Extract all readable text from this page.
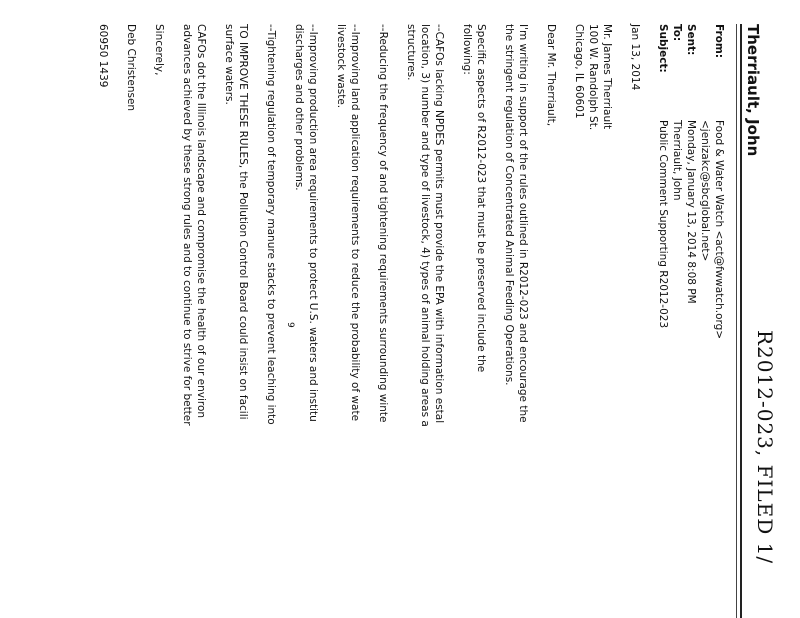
R2012-023, FILED 1/
Therriault, John
From:
Food & Water Watch <act@fwwatch.org>
<jenizakc@sbcglobal.net>
Sent:
Monday, January 13, 2014 8:08 PM
To:
Therriault, John
Subject:
Public Comment Supporting R2012-023

Jan 13, 2014

Mr. James Therriault

100 W. Randolph St.

Chicago, IL 60601

Dear Mr. Therriault,

I'm writing in support of the rules outlined in R2012-023 and encourage the

the stringent regulation of Concentrated Animal Feeding Operations.

Specific aspects of R2012-023 that must be preserved include the

following:

--CAFOs lacking NPDES permits must provide the EPA with information estal

location, 3) number and type of livestock, 4) types of animal holding areas a

structures.

--Reducing the frequency of and tightening requirements surrounding winte

--Improving land application requirements to reduce the probability of wate

livestock waste.

--Improving production area requirements to protect U.S. waters and institu

discharges and other problems.

--Tightening regulation of temporary manure stacks to prevent leaching into

TO IMPROVE THESE RULES, the Pollution Control Board could insist on facili

surface waters.

CAFOs dot the Illinois landscape and compromise the health of our environ

advances achieved by these strong rules and to continue to strive for better

Sincerely,

Deb Christensen

60950 1439

9
